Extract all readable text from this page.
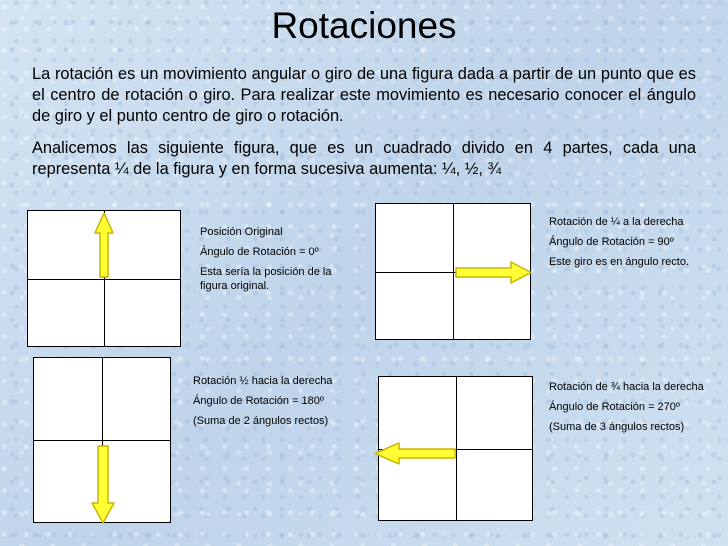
Rotaciones

La rotación es un movimiento angular o giro de una figura dada a partir de un punto que es el centro de rotación o giro. Para realizar este movimiento es necesario conocer el ángulo de giro y el punto centro de giro o rotación.

Analicemos las siguiente figura, que es un cuadrado divido en 4 partes, cada una representa ¼ de la figura y en forma sucesiva aumenta: ¼, ½, ¾

Posición Original
Ángulo de Rotación = 0º
Esta sería la posición de la figura original.
Rotación de ¼ a la derecha
Ángulo de Rotación = 90º
Este giro es en ángulo recto.
Rotación ½ hacia la derecha
Ángulo de Rotación = 180º
(Suma de 2 ángulos rectos)
Rotación de ¾ hacia la derecha
Ángulo de Rotación = 270º
(Suma de 3 ángulos rectos)
